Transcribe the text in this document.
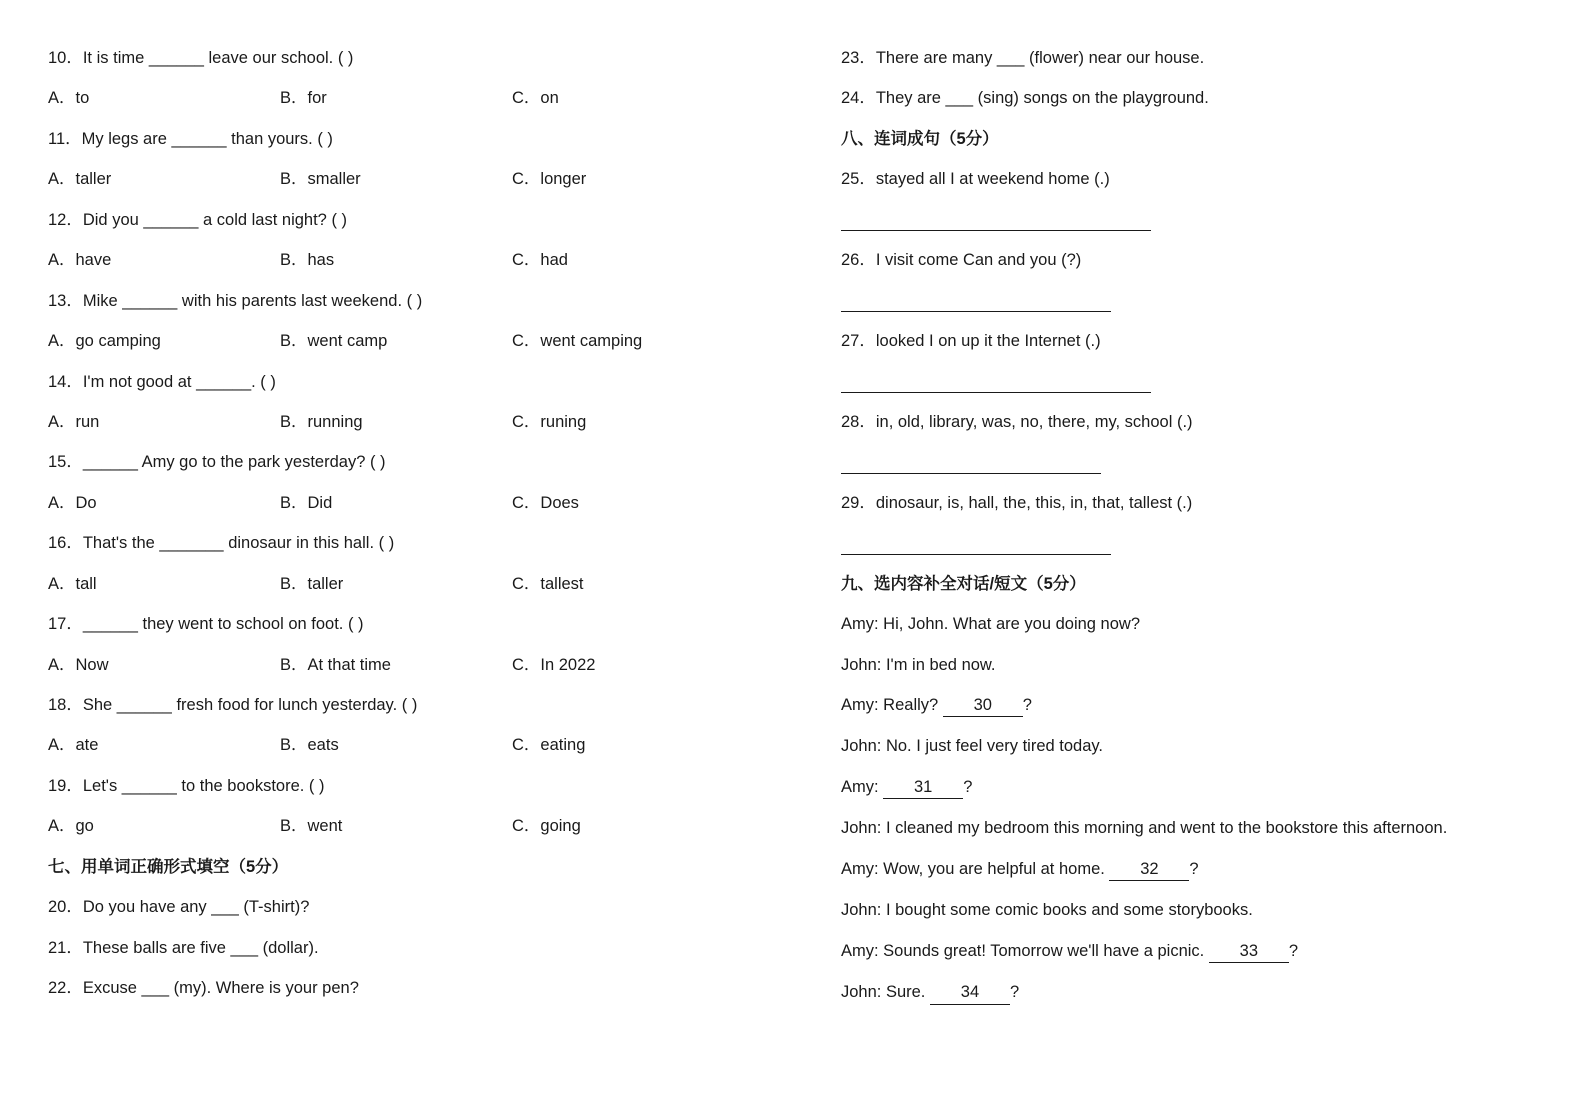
10．It is time ______ leave our school. ( )
A．to	B．for	C．on
11．My legs are ______ than yours. ( )
A．taller	B．smaller	C．longer
12．Did you ______ a cold last night? ( )
A．have	B．has	C．had
13．Mike ______ with his parents last weekend. ( )
A．go camping	B．went camp	C．went camping
14．I'm not good at ______. ( )
A．run	B．running	C．runing
15．______ Amy go to the park yesterday? ( )
A．Do	B．Did	C．Does
16．That's the _______ dinosaur in this hall. ( )
A．tall	B．taller	C．tallest
17．______ they went to school on foot. ( )
A．Now	B．At that time	C．In 2022
18．She ______ fresh food for lunch yesterday. ( )
A．ate	B．eats	C．eating
19．Let's ______ to the bookstore. ( )
A．go	B．went	C．going
七、用单词正确形式填空（5分）
20．Do you have any ___ (T-shirt)?
21．These balls are five ___ (dollar).
22．Excuse ___ (my). Where is your pen?
23．There are many ___ (flower) near our house.
24．They are ___ (sing) songs on the playground.
八、连词成句（5分）
25．stayed all I at weekend home (.)
26．I visit come Can and you (?)
27．looked I on up it the Internet (.)
28．in, old, library, was, no, there, my, school (.)
29．dinosaur, is, hall, the, this, in, that, tallest (.)
九、选内容补全对话/短文（5分）
Amy: Hi, John. What are you doing now?
John: I'm in bed now.
Amy: Really? 30 ?
John: No. I just feel very tired today.
Amy: 31 ?
John: I cleaned my bedroom this morning and went to the bookstore this afternoon.
Amy: Wow, you are helpful at home. 32 ?
John: I bought some comic books and some storybooks.
Amy: Sounds great! Tomorrow we'll have a picnic. 33 ?
John: Sure. 34 ?
